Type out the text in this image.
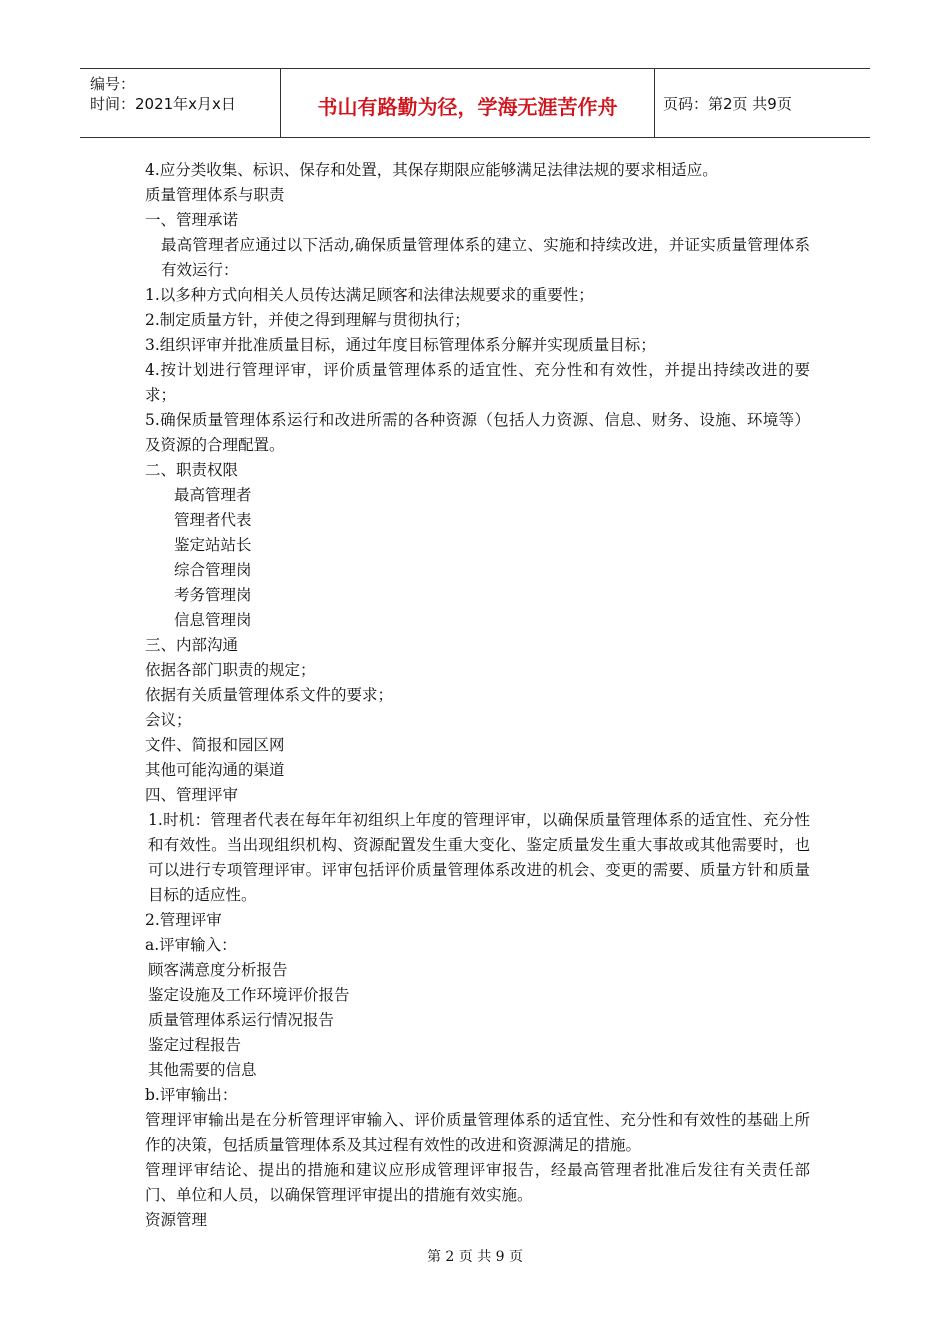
编号：
时间：2021年x月x日	书山有路勤为径，学海无涯苦作舟	页码：第2页 共9页

4.应分类收集、标识、保存和处置，其保存期限应能够满足法律法规的要求相适应。

质量管理体系与职责

一、管理承诺

最高管理者应通过以下活动,确保质量管理体系的建立、实施和持续改进，并证实质量管理体系有效运行：

1.以多种方式向相关人员传达满足顾客和法律法规要求的重要性；

2.制定质量方针，并使之得到理解与贯彻执行；

3.组织评审并批准质量目标，通过年度目标管理体系分解并实现质量目标；

4.按计划进行管理评审，评价质量管理体系的适宜性、充分性和有效性，并提出持续改进的要求；

5.确保质量管理体系运行和改进所需的各种资源（包括人力资源、信息、财务、设施、环境等）及资源的合理配置。

二、职责权限

最高管理者

管理者代表

鉴定站站长

综合管理岗

考务管理岗

信息管理岗

三、内部沟通

依据各部门职责的规定；

依据有关质量管理体系文件的要求；

会议；

文件、简报和园区网

其他可能沟通的渠道

四、管理评审

1.时机：管理者代表在每年年初组织上年度的管理评审，以确保质量管理体系的适宜性、充分性和有效性。当出现组织机构、资源配置发生重大变化、鉴定质量发生重大事故或其他需要时，也可以进行专项管理评审。评审包括评价质量管理体系改进的机会、变更的需要、质量方针和质量目标的适应性。

2.管理评审

a.评审输入：

顾客满意度分析报告

鉴定设施及工作环境评价报告

质量管理体系运行情况报告

鉴定过程报告

其他需要的信息

b.评审输出：

管理评审输出是在分析管理评审输入、评价质量管理体系的适宜性、充分性和有效性的基础上所作的决策，包括质量管理体系及其过程有效性的改进和资源满足的措施。

管理评审结论、提出的措施和建议应形成管理评审报告，经最高管理者批准后发往有关责任部门、单位和人员，以确保管理评审提出的措施有效实施。

资源管理

第 2 页 共 9 页
